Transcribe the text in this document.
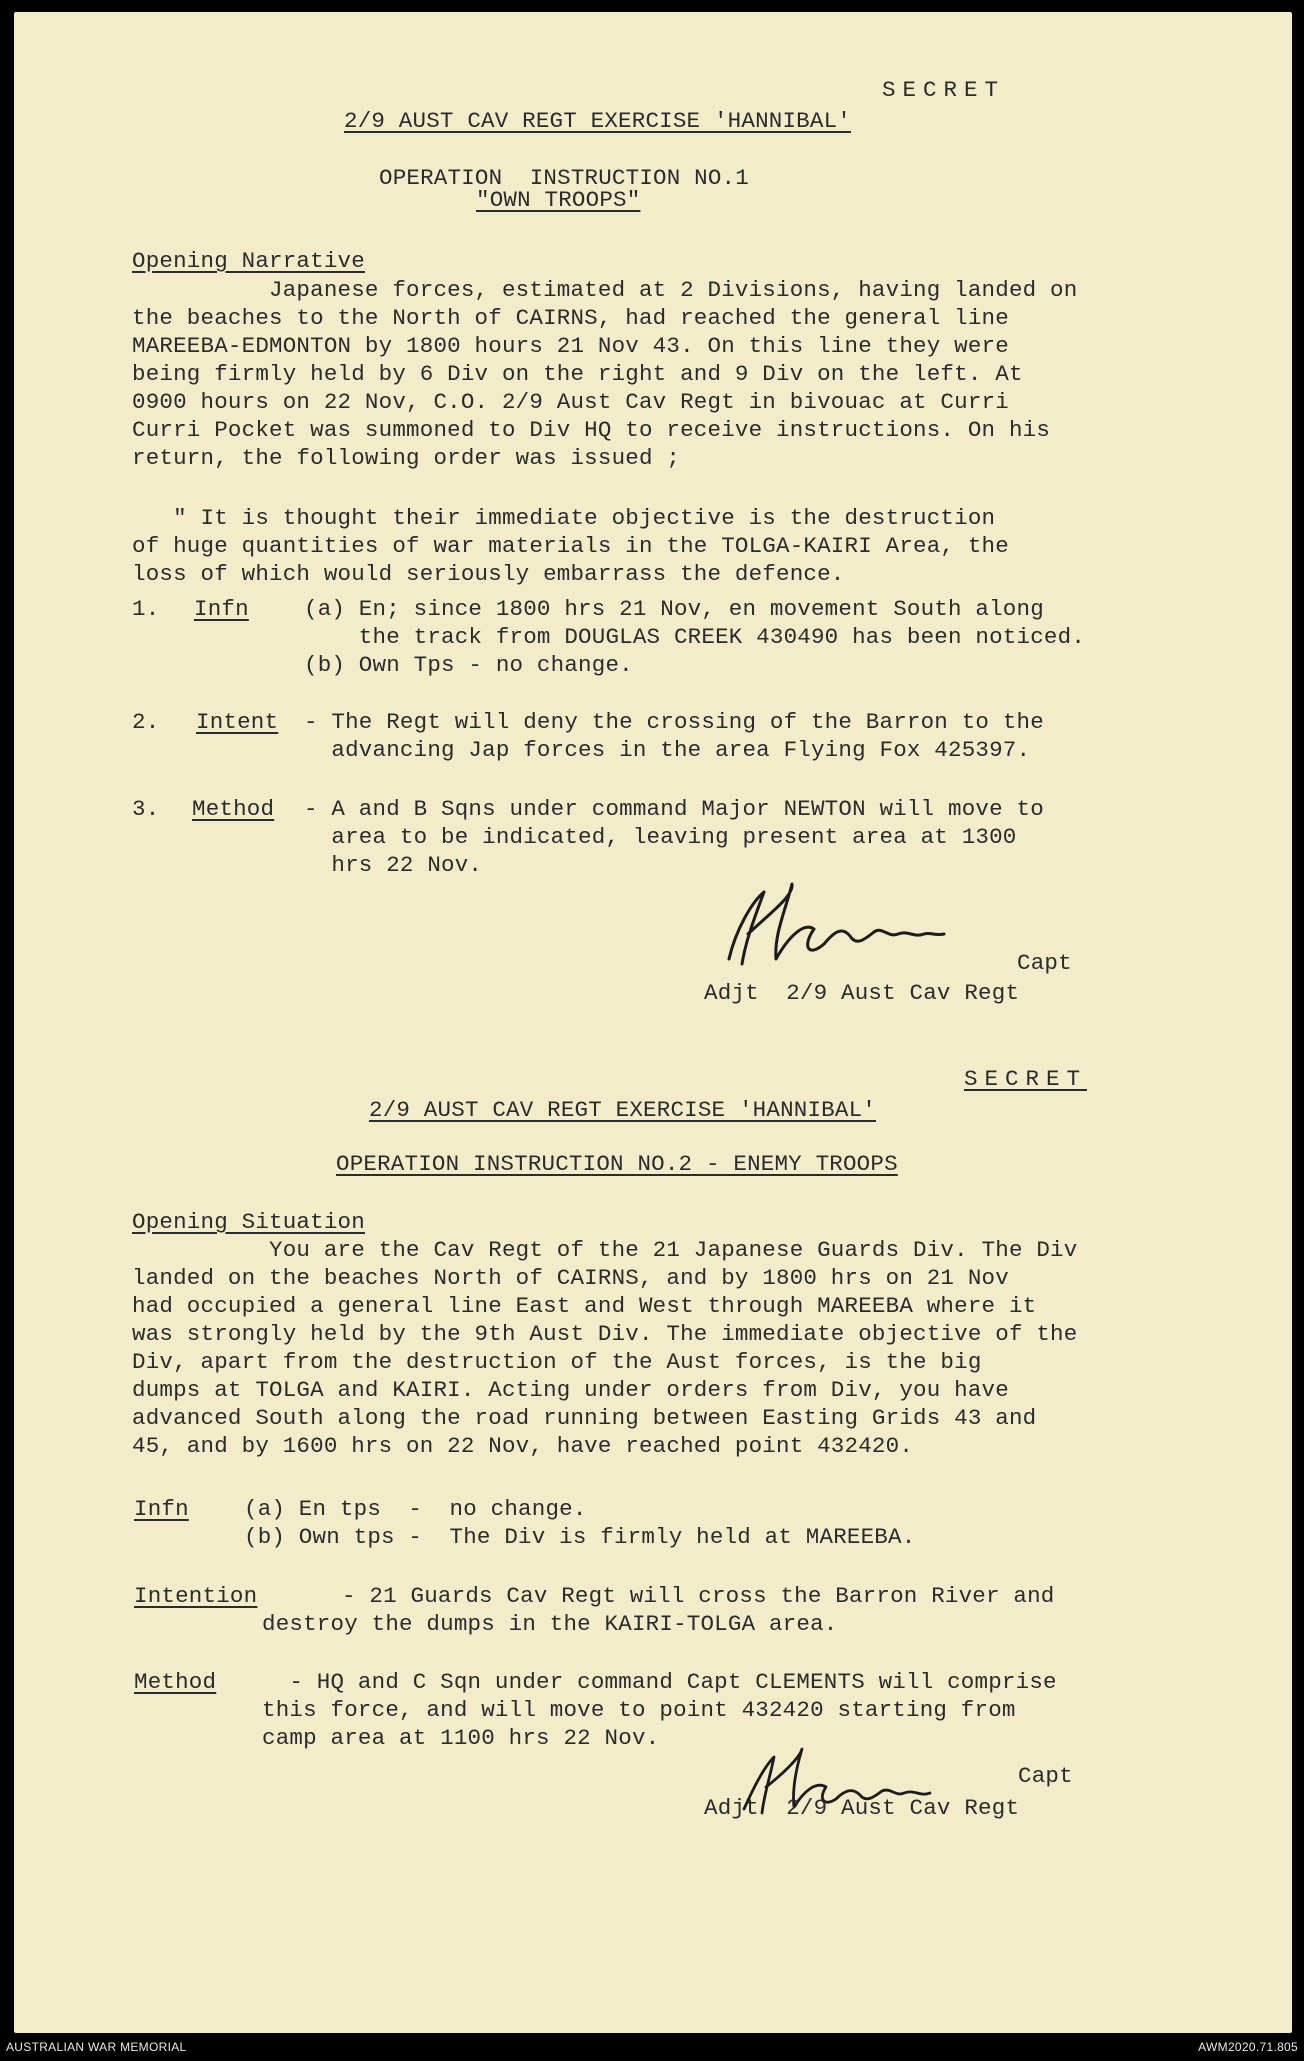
SECRET
2/9 AUST CAV REGT EXERCISE 'HANNIBAL'
OPERATION  INSTRUCTION NO.1
"OWN TROOPS"
Opening Narrative
Japanese forces, estimated at 2 Divisions, having landed on
the beaches to the North of CAIRNS, had reached the general line
MAREEBA-EDMONTON by 1800 hours 21 Nov 43. On this line they were
being firmly held by 6 Div on the right and 9 Div on the left. At
0900 hours on 22 Nov, C.O. 2/9 Aust Cav Regt in bivouac at Curri
Curri Pocket was summoned to Div HQ to receive instructions. On his
return, the following order was issued ;
" It is thought their immediate objective is the destruction
of huge quantities of war materials in the TOLGA-KAIRI Area, the
loss of which would seriously embarrass the defence.
1. Infn (a) En; since 1800 hrs 21 Nov, en movement South along
the track from DOUGLAS CREEK 430490 has been noticed.
(b) Own Tps - no change.
2. Intent - The Regt will deny the crossing of the Barron to the
advancing Jap forces in the area Flying Fox 425397.
3. Method - A and B Sqns under command Major NEWTON will move to
area to be indicated, leaving present area at 1300
hrs 22 Nov.
Capt
Adjt  2/9 Aust Cav Regt
SECRET
2/9 AUST CAV REGT EXERCISE 'HANNIBAL'
OPERATION INSTRUCTION NO.2 - ENEMY TROOPS
Opening Situation
You are the Cav Regt of the 21 Japanese Guards Div. The Div
landed on the beaches North of CAIRNS, and by 1800 hrs on 21 Nov
had occupied a general line East and West through MAREEBA where it
was strongly held by the 9th Aust Div. The immediate objective of the
Div, apart from the destruction of the Aust forces, is the big
dumps at TOLGA and KAIRI. Acting under orders from Div, you have
advanced South along the road running between Easting Grids 43 and
45, and by 1600 hrs on 22 Nov, have reached point 432420.
Infn (a) En tps  -  no change.
(b) Own tps -  The Div is firmly held at MAREEBA.
Intention	- 21 Guards Cav Regt will cross the Barron River and
destroy the dumps in the KAIRI-TOLGA area.
Method - HQ and C Sqn under command Capt CLEMENTS will comprise
this force, and will move to point 432420 starting from
camp area at 1100 hrs 22 Nov.
Capt
Adjt  2/9 Aust Cav Regt
AUSTRALIAN WAR MEMORIAL	AWM2020.71.805
